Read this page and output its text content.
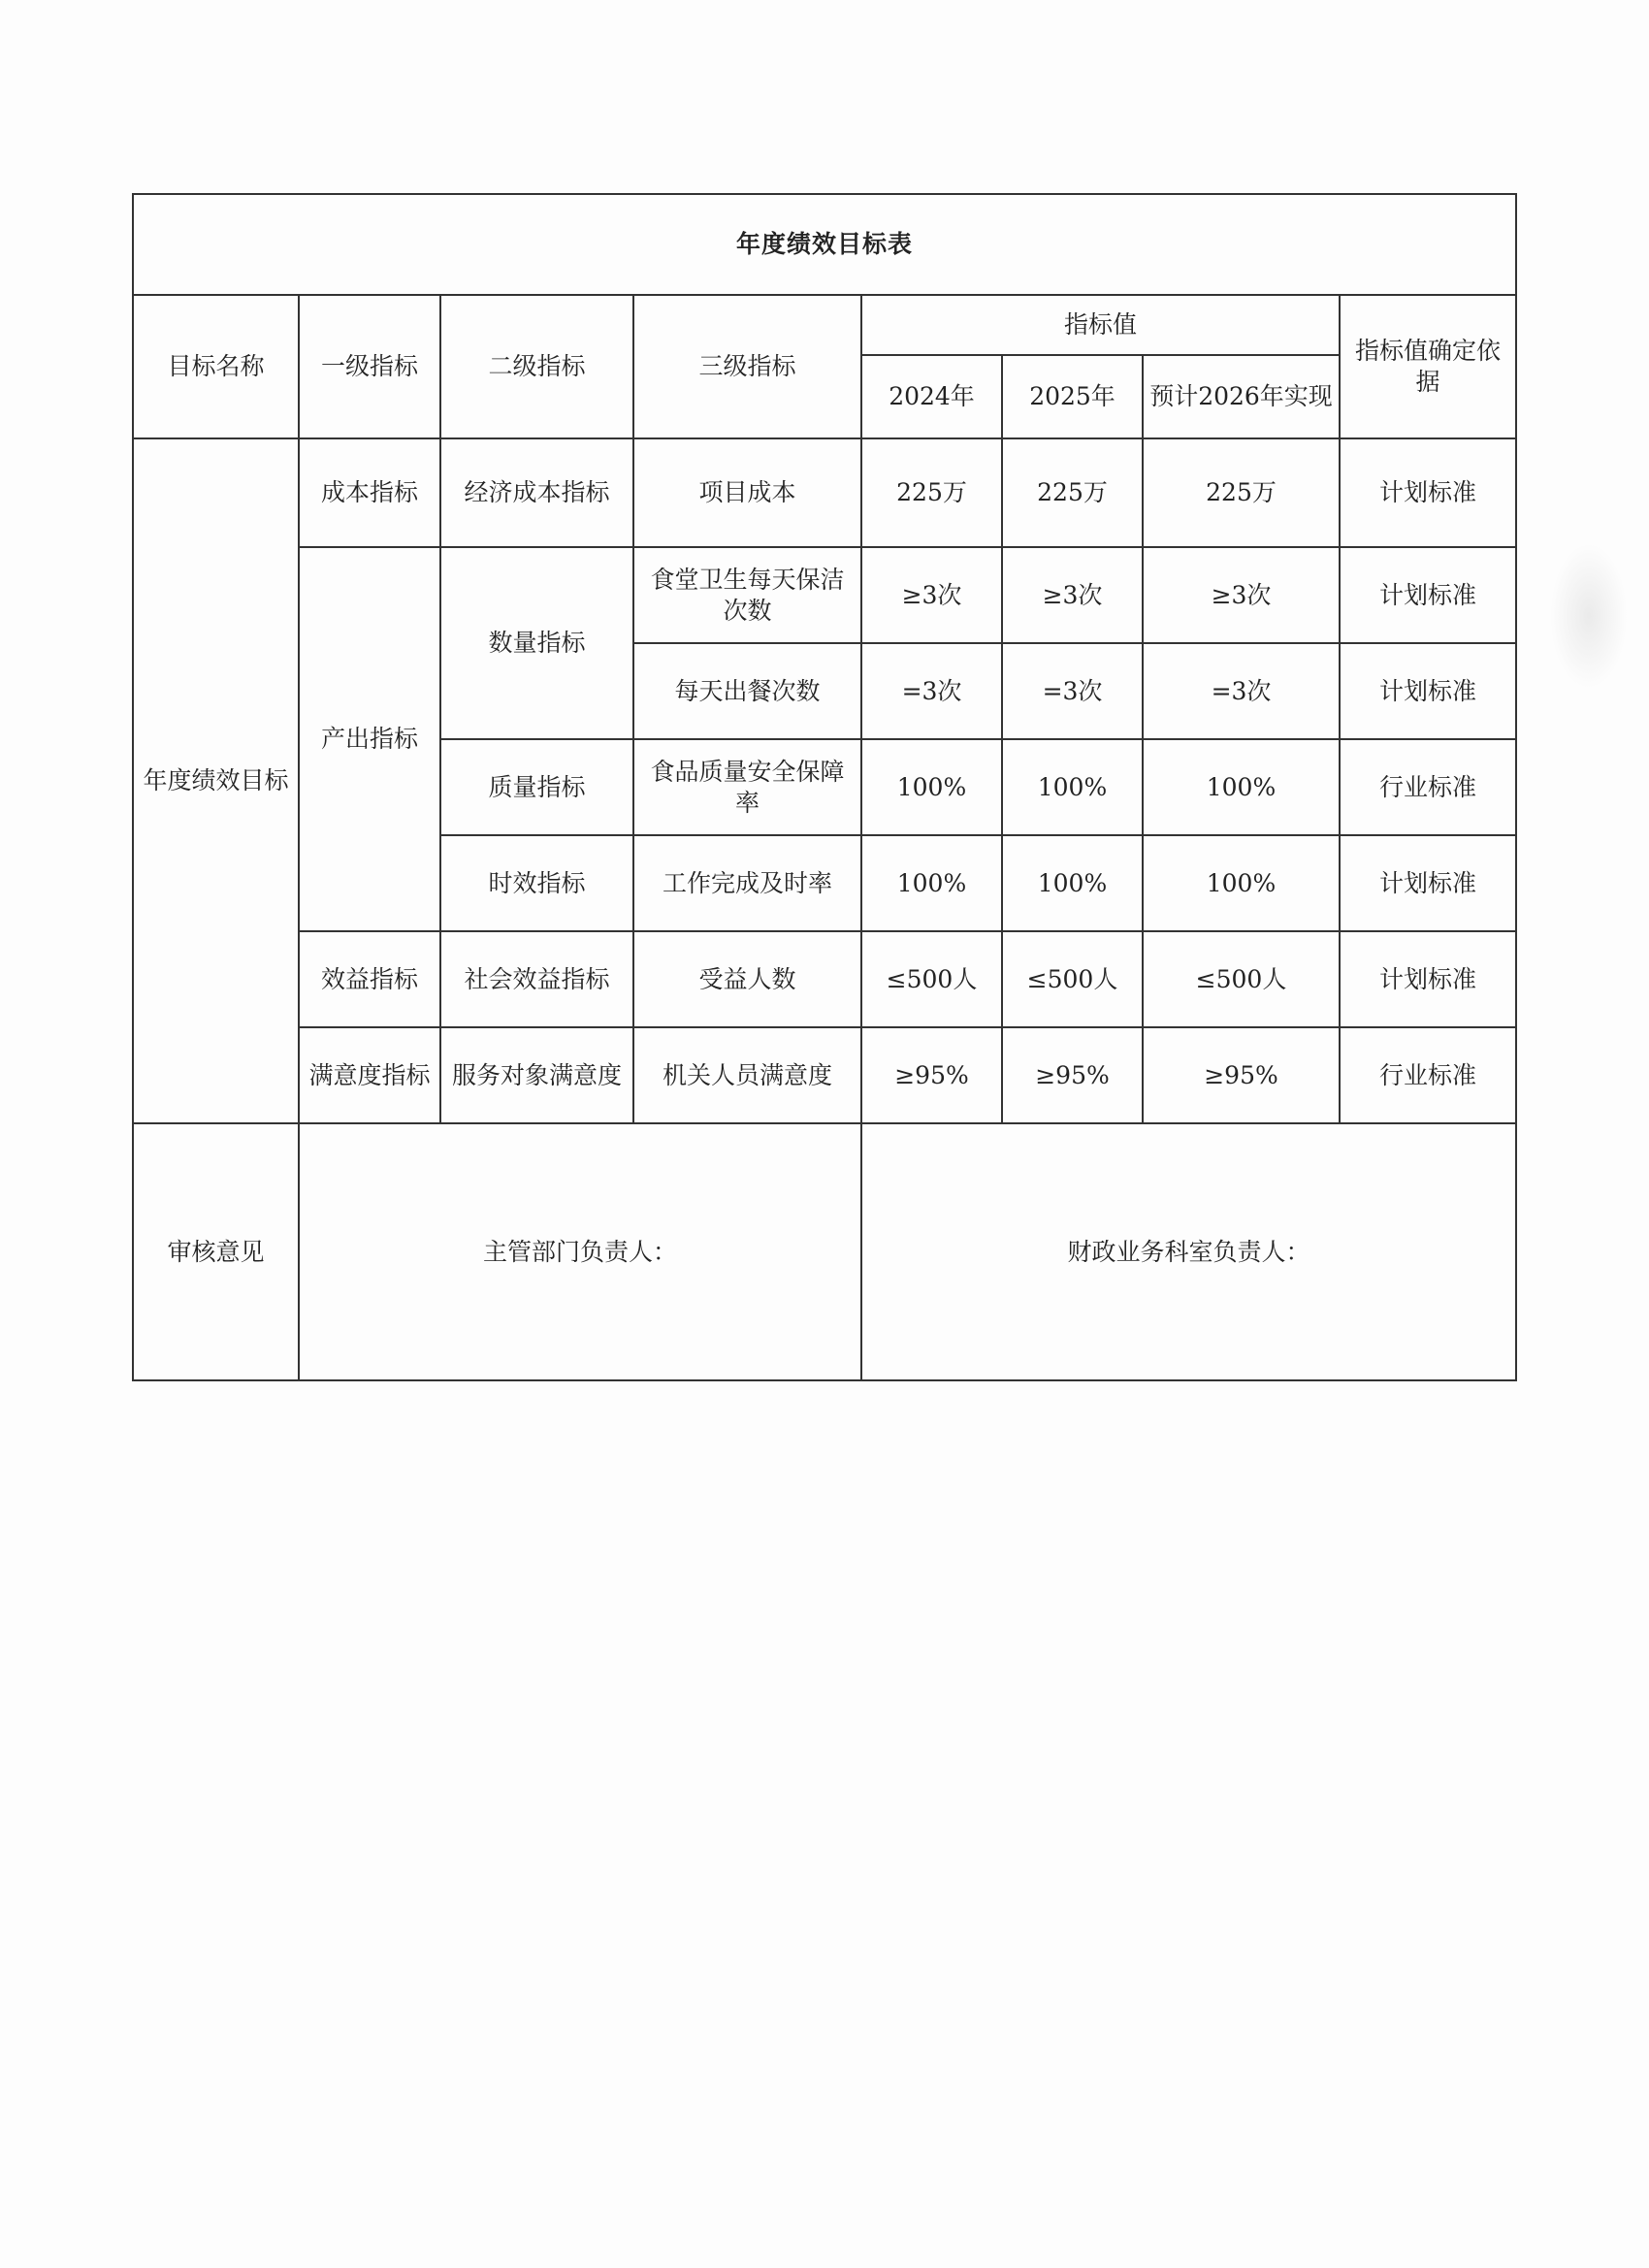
年度绩效目标表							
目标名称	一级指标	二级指标	三级指标	指标值			指标值确定依据
				2024年	2025年	预计2026年实现	
年度绩效目标	成本指标	经济成本指标	项目成本	225万	225万	225万	计划标准
	产出指标	数量指标	食堂卫生每天保洁次数	≥3次	≥3次	≥3次	计划标准
			每天出餐次数	=3次	=3次	=3次	计划标准
		质量指标	食品质量安全保障率	100%	100%	100%	行业标准
		时效指标	工作完成及时率	100%	100%	100%	计划标准
	效益指标	社会效益指标	受益人数	≤500人	≤500人	≤500人	计划标准
	满意度指标	服务对象满意度	机关人员满意度	≥95%	≥95%	≥95%	行业标准
审核意见	主管部门负责人：			财政业务科室负责人：			
